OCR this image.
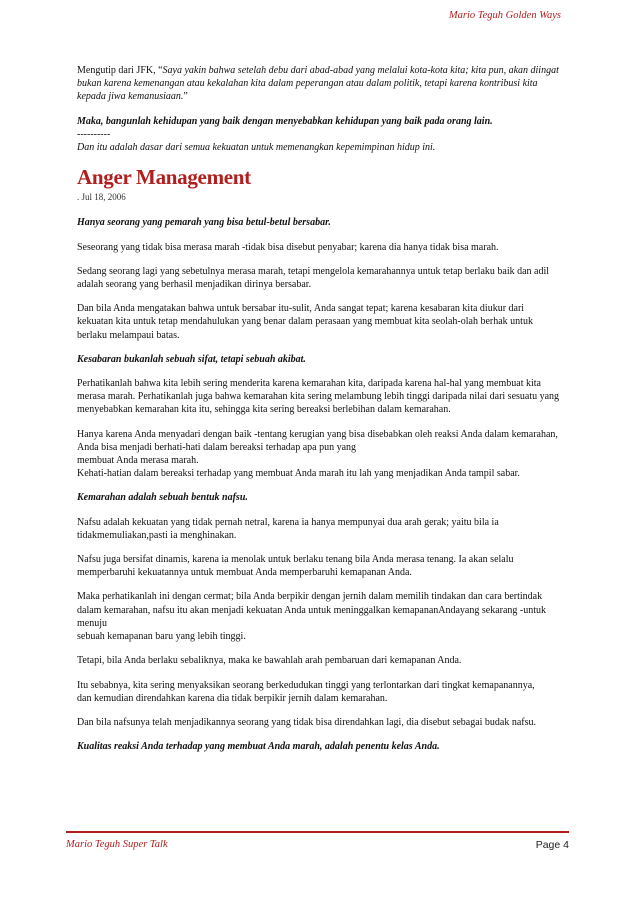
Mario Teguh Golden Ways

Mengutip dari JFK, “Saya yakin bahwa setelah debu dari abad-abad yang melalui kota-kota kita; kita pun, akan diingat bukan karena kemenangan atau kekalahan kita dalam peperangan atau dalam politik, tetapi karena kontribusi kita kepada jiwa kemanusiaan.”

Maka, bangunlah kehidupan yang baik dengan menyebabkan kehidupan yang baik pada orang lain.

----------

Dan itu adalah dasar dari semua kekuatan untuk memenangkan kepemimpinan hidup ini.

Anger Management
. Jul 18, 2006

Hanya seorang yang pemarah yang bisa betul-betul bersabar.

Seseorang yang tidak bisa merasa marah -tidak bisa disebut penyabar; karena dia hanya tidak bisa marah.

Sedang seorang lagi yang sebetulnya merasa marah, tetapi mengelola kemarahannya untuk tetap berlaku baik dan adil adalah seorang yang berhasil menjadikan dirinya bersabar.

Dan bila Anda mengatakan bahwa untuk bersabar itu-sulit, Anda sangat tepat; karena kesabaran kita diukur dari kekuatan kita untuk tetap mendahulukan yang benar dalam perasaan yang membuat kita seolah-olah berhak untuk berlaku melampaui batas.

Kesabaran bukanlah sebuah sifat, tetapi sebuah akibat.

Perhatikanlah bahwa kita lebih sering menderita karena kemarahan kita, daripada karena hal-hal yang membuat kita merasa marah. Perhatikanlah juga bahwa kemarahan kita sering melambung lebih tinggi daripada nilai dari sesuatu yang menyebabkan kemarahan kita itu, sehingga kita sering bereaksi berlebihan dalam kemarahan.

Hanya karena Anda menyadari dengan baik -tentang kerugian yang bisa disebabkan oleh reaksi Anda dalam kemarahan, Anda bisa menjadi berhati-hati dalam bereaksi terhadap apa pun yang
membuat Anda merasa marah.
Kehati-hatian dalam bereaksi terhadap yang membuat Anda marah itu lah yang menjadikan Anda tampil sabar.

Kemarahan adalah sebuah bentuk nafsu.

Nafsu adalah kekuatan yang tidak pernah netral, karena ia hanya mempunyai dua arah gerak; yaitu bila ia tidakmemuliakan,pasti ia menghinakan.

Nafsu juga bersifat dinamis, karena ia menolak untuk berlaku tenang bila Anda merasa tenang. Ia akan selalu memperbaruhi kekuatannya untuk membuat Anda memperbaruhi kemapanan Anda.

Maka perhatikanlah ini dengan cermat; bila Anda berpikir dengan jernih dalam memilih tindakan dan cara bertindak dalam kemarahan, nafsu itu akan menjadi kekuatan Anda untuk meninggalkan kemapananAndayang sekarang -untuk menuju
sebuah kemapanan baru yang lebih tinggi.

Tetapi, bila Anda berlaku sebaliknya, maka ke bawahlah arah pembaruan dari kemapanan Anda.

Itu sebabnya, kita sering menyaksikan seorang berkedudukan tinggi yang terlontarkan dari tingkat kemapanannya,
dan kemudian direndahkan karena dia tidak berpikir jernih dalam kemarahan.

Dan bila nafsunya telah menjadikannya seorang yang tidak bisa direndahkan lagi, dia disebut sebagai budak nafsu.

Kualitas reaksi Anda terhadap yang membuat Anda marah, adalah penentu kelas Anda.

Mario Teguh Super Talk	Page 4
